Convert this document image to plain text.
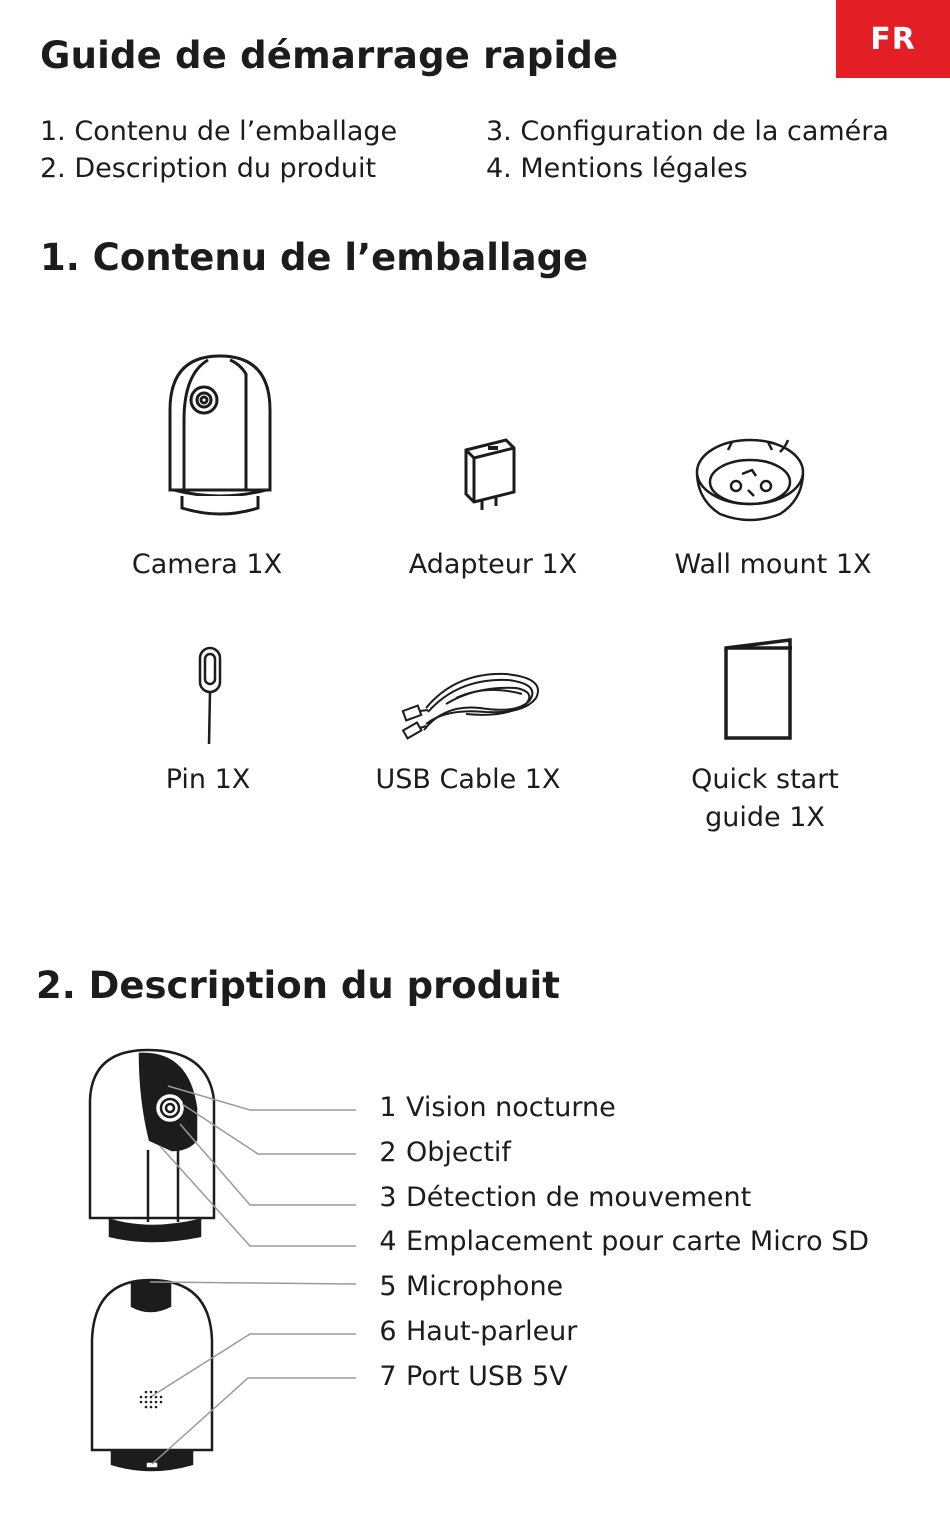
FR
Guide de démarrage rapide

1. Contenu de l’emballage

2. Description du produit

3. Configuration de la caméra

4. Mentions légales

1. Contenu de l’emballage
Camera 1X	Adapteur 1X	Wall mount 1X
Pin 1X	USB Cable 1X	Quick start
guide 1X
2. Description du produit
1 Vision nocturne
2 Objectif
3 Détection de mouvement
4 Emplacement pour carte Micro SD
5 Microphone
6 Haut-parleur
7 Port USB 5V
